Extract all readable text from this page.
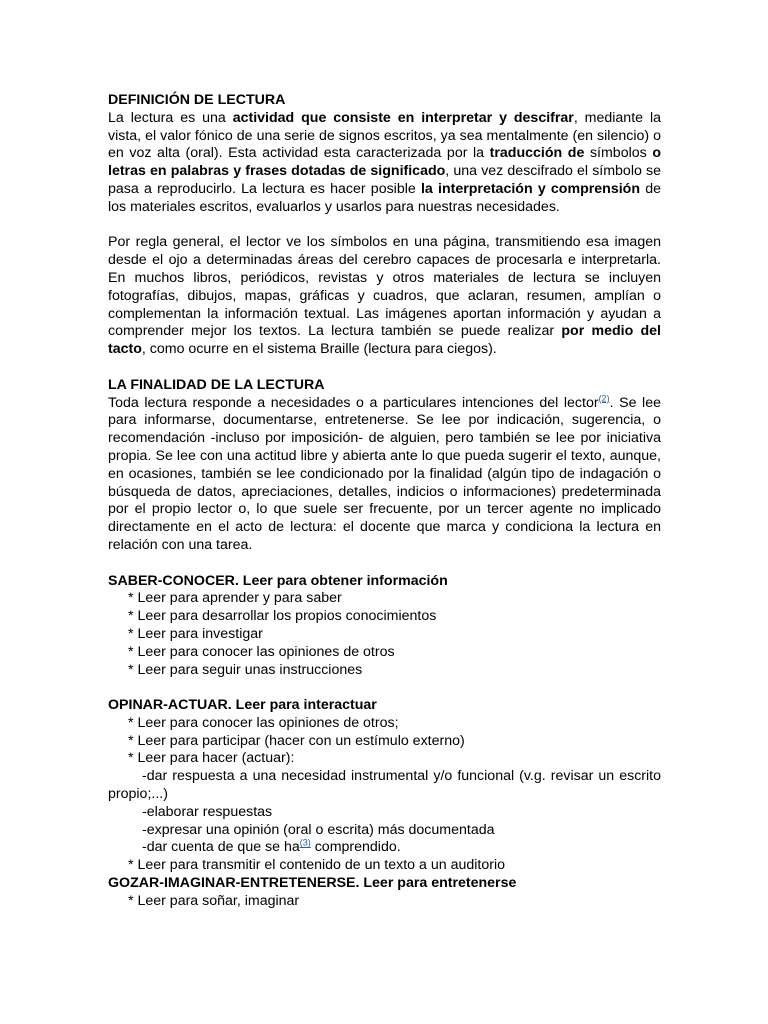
DEFINICIÓN DE LECTURA

La lectura es una actividad que consiste en interpretar y descifrar, mediante la vista, el valor fónico de una serie de signos escritos, ya sea mentalmente (en silencio) o en voz alta (oral). Esta actividad esta caracterizada por la traducción de símbolos o letras en palabras y frases dotadas de significado, una vez descifrado el símbolo se pasa a reproducirlo. La lectura es hacer posible la interpretación y comprensión de los materiales escritos, evaluarlos y usarlos para nuestras necesidades.

Por regla general, el lector ve los símbolos en una página, transmitiendo esa imagen desde el ojo a determinadas áreas del cerebro capaces de procesarla e interpretarla. En muchos libros, periódicos, revistas y otros materiales de lectura se incluyen fotografías, dibujos, mapas, gráficas y cuadros, que aclaran, resumen, amplían o complementan la información textual. Las imágenes aportan información y ayudan a comprender mejor los textos. La lectura también se puede realizar por medio del tacto, como ocurre en el sistema Braille (lectura para ciegos).

LA FINALIDAD DE LA LECTURA

Toda lectura responde a necesidades o a particulares intenciones del lector$^{(2)}$. Se lee para informarse, documentarse, entretenerse. Se lee por indicación, sugerencia, o recomendación -incluso por imposición- de alguien, pero también se lee por iniciativa propia. Se lee con una actitud libre y abierta ante lo que pueda sugerir el texto, aunque, en ocasiones, también se lee condicionado por la finalidad (algún tipo de indagación o búsqueda de datos, apreciaciones, detalles, indicios o informaciones) predeterminada por el propio lector o, lo que suele ser frecuente, por un tercer agente no implicado directamente en el acto de lectura: el docente que marca y condiciona la lectura en relación con una tarea.

SABER-CONOCER. Leer para obtener información

* Leer para aprender y para saber

* Leer para desarrollar los propios conocimientos

* Leer para investigar

* Leer para conocer las opiniones de otros

* Leer para seguir unas instrucciones

OPINAR-ACTUAR. Leer para interactuar

* Leer para conocer las opiniones de otros;

* Leer para participar (hacer con un estímulo externo)

* Leer para hacer (actuar):

-dar respuesta a una necesidad instrumental y/o funcional (v.g. revisar un escrito propio;...)

-elaborar respuestas

-expresar una opinión (oral o escrita) más documentada

-dar cuenta de que se $ha^{(3)}$ comprendido.

* Leer para transmitir el contenido de un texto a un auditorio

GOZAR-IMAGINAR-ENTRETENERSE. Leer para entretenerse

* Leer para soñar, imaginar
